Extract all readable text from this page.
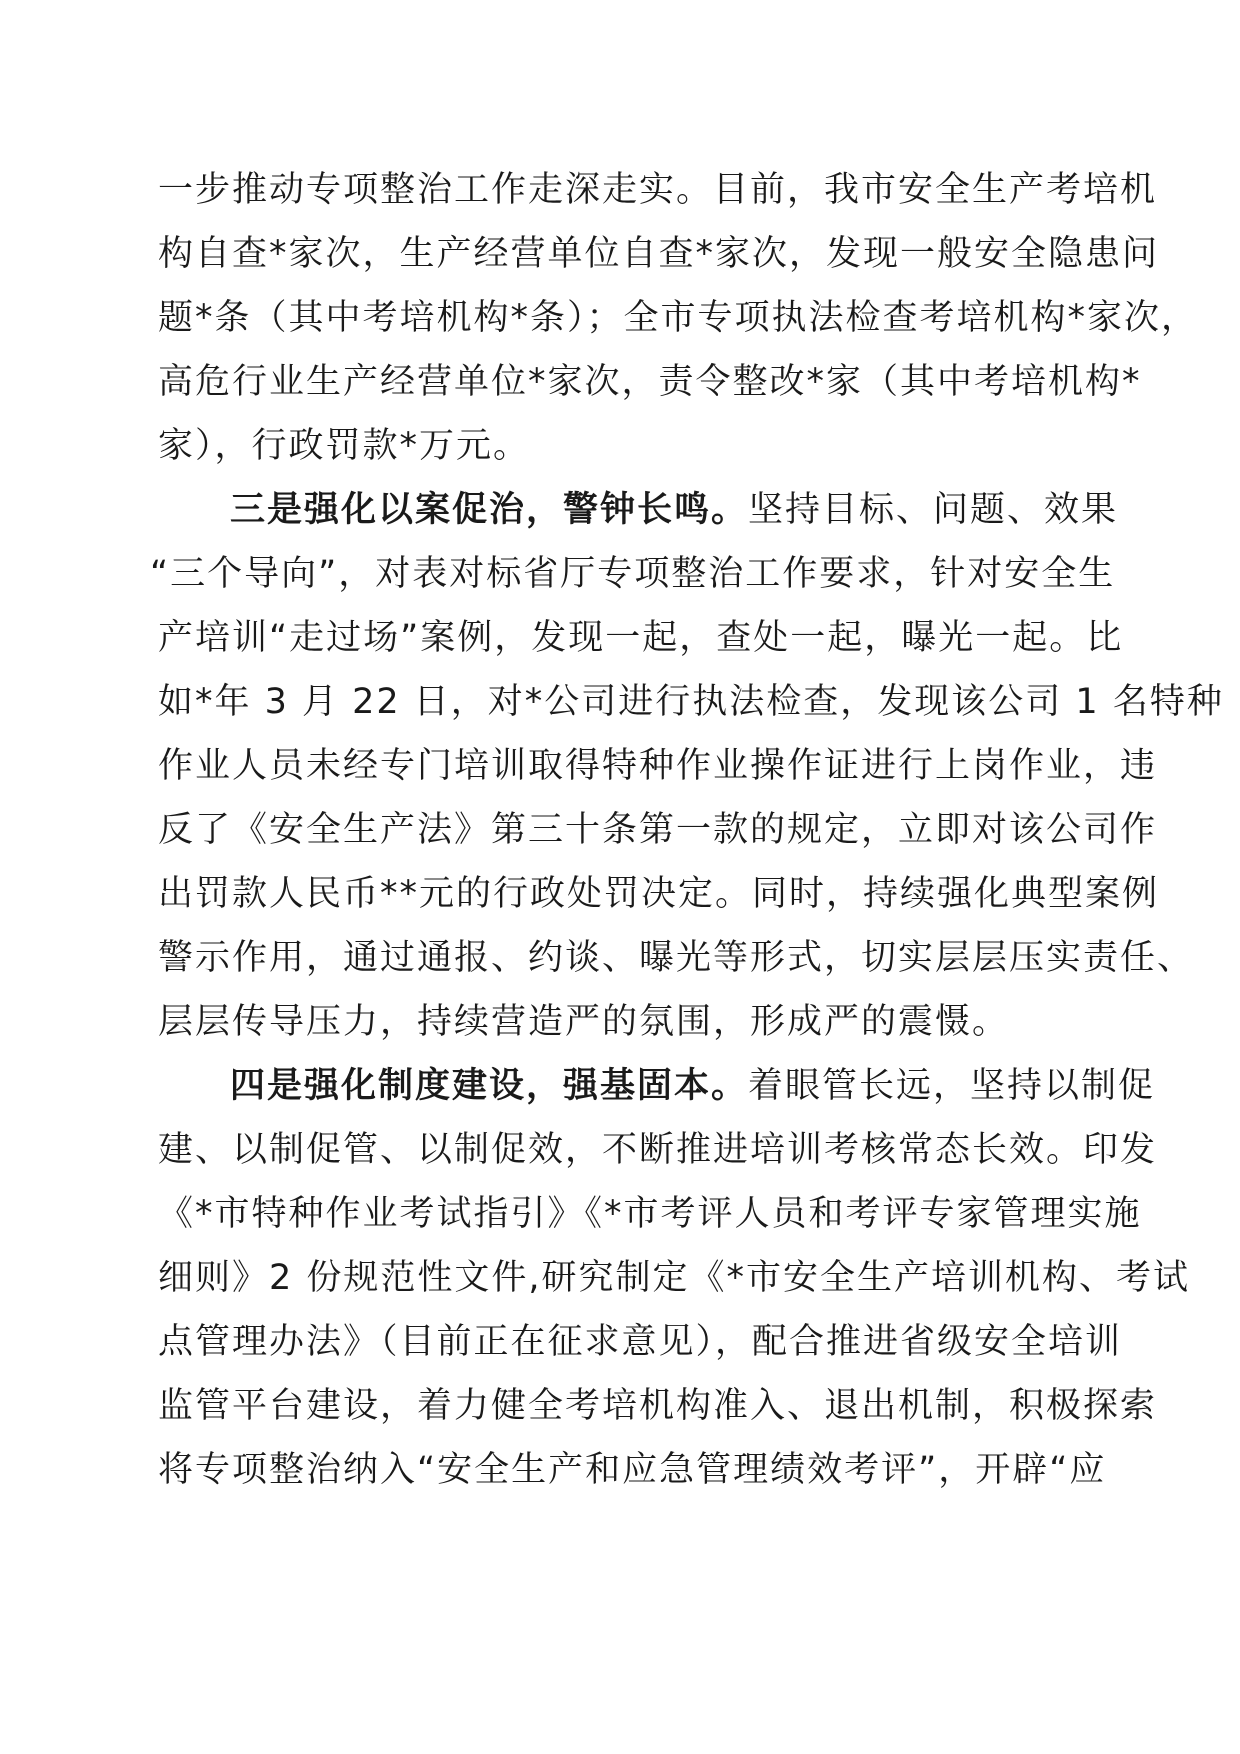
一步推动专项整治工作走深走实。目前，我市安全生产考培机
构自查*家次，生产经营单位自查*家次，发现一般安全隐患问
题*条（其中考培机构*条）；全市专项执法检查考培机构*家次，
高危行业生产经营单位*家次，责令整改*家（其中考培机构*
家），行政罚款*万元。
三是强化以案促治，警钟长鸣。坚持目标、问题、效果
“三个导向”，对表对标省厅专项整治工作要求，针对安全生
产培训“走过场”案例，发现一起，查处一起，曝光一起。比
如*年 3 月 22 日，对*公司进行执法检查，发现该公司 1 名特种
作业人员未经专门培训取得特种作业操作证进行上岗作业，违
反了《安全生产法》第三十条第一款的规定，立即对该公司作
出罚款人民币**元的行政处罚决定。同时，持续强化典型案例
警示作用，通过通报、约谈、曝光等形式，切实层层压实责任、
层层传导压力，持续营造严的氛围，形成严的震慑。
四是强化制度建设，强基固本。着眼管长远，坚持以制促
建、以制促管、以制促效，不断推进培训考核常态长效。印发
《*市特种作业考试指引》《*市考评人员和考评专家管理实施
细则》2 份规范性文件,研究制定《*市安全生产培训机构、考试
点管理办法》（目前正在征求意见），配合推进省级安全培训
监管平台建设，着力健全考培机构准入、退出机制，积极探索
将专项整治纳入“安全生产和应急管理绩效考评”，开辟“应
